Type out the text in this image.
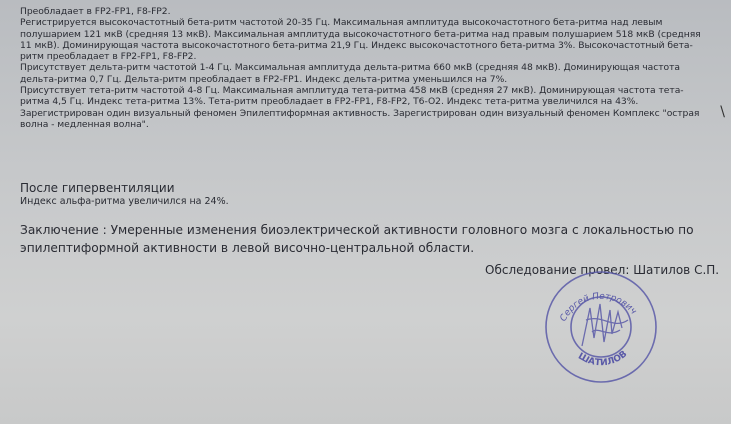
Преобладает в FP2-FP1, F8-FP2.
Регистрируется высокочастотный бета-ритм частотой 20-35 Гц. Максимальная амплитуда высокочастотного бета-ритма над левым
полушарием 121 мкВ (средняя 13 мкВ). Максимальная амплитуда высокочастотного бета-ритма над правым полушарием 518 мкВ (средняя
11 мкВ). Доминирующая частота высокочастотного бета-ритма 21,9 Гц. Индекс высокочастотного бета-ритма 3%. Высокочастотный бета-
ритм преобладает в FP2-FP1, F8-FP2.
Присутствует дельта-ритм частотой 1-4 Гц. Максимальная амплитуда дельта-ритма 660 мкВ (средняя 48 мкВ). Доминирующая частота
дельта-ритма 0,7 Гц. Дельта-ритм преобладает в FP2-FP1. Индекс дельта-ритма уменьшился на 7%.
Присутствует тета-ритм частотой 4-8 Гц. Максимальная амплитуда тета-ритма 458 мкВ (средняя 27 мкВ). Доминирующая частота тета-
ритма 4,5 Гц. Индекс тета-ритма 13%. Тета-ритм преобладает в FP2-FP1, F8-FP2, T6-O2. Индекс тета-ритма увеличился на 43%.
Зарегистрирован один визуальный феномен Эпилептиформная активность. Зарегистрирован один визуальный феномен Комплекс "острая
волна - медленная волна".
\
После гипервентиляции
Индекс альфа-ритма увеличился на 24%.
Заключение : Умеренные изменения биоэлектрической активности головного мозга с локальностью по
эпилептиформной активности в левой височно-центральной области.
Обследование провел: Шатилов С.П.
Сергей Петрович
ШАТИЛОВ
